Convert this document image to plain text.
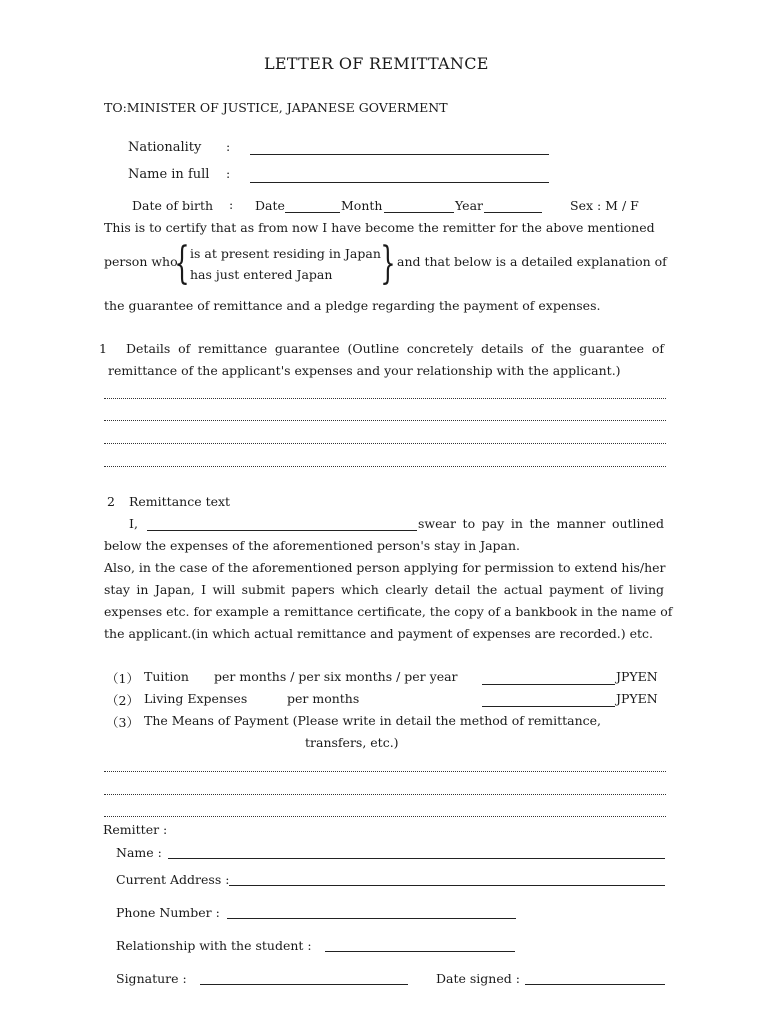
LETTER OF REMITTANCE
TO:MINISTER OF JUSTICE, JAPANESE GOVERMENT
Nationality :
Name in full :
Date of birth : Date	Month	Year	Sex : M / F
This is to certify that as from now I have become the remitter for the above mentioned
person who
{ is at present residing in Japan
has just entered Japan } and that below is a detailed explanation of
the guarantee of remittance and a pledge regarding the payment of expenses.
1 Details of remittance guarantee (Outline concretely details of the guarantee of
remittance of the applicant's expenses and your relationship with the applicant.)
2 Remittance text
I,	swear to pay in the manner outlined
below the expenses of the aforementioned person's stay in Japan.
Also, in the case of the aforementioned person applying for permission to extend his/her
stay in Japan, I will submit papers which clearly detail the actual payment of living
expenses etc. for example a remittance certificate, the copy of a bankbook in the name of
the applicant.(in which actual remittance and payment of expenses are recorded.) etc.
（1） Tuition per months / per six months / per year	JPYEN
（2） Living Expenses	per months	JPYEN
（3） The Means of Payment (Please write in detail the method of remittance,
transfers, etc.)
Remitter :
Name :
Current Address :
Phone Number :
Relationship with the student :
Signature :	Date signed :
